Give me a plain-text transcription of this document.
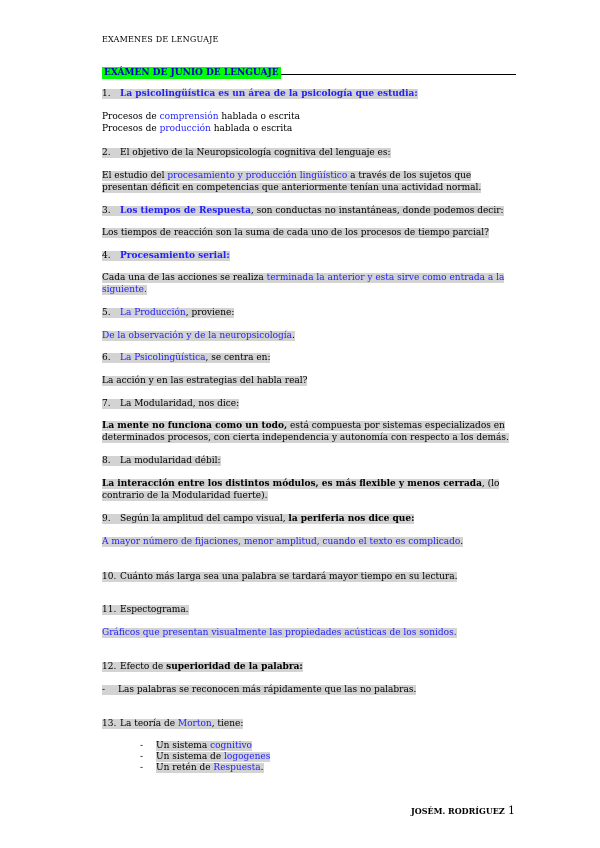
EXAMENES DE LENGUAJE
EXÁMEN DE JUNIO DE LENGUAJE
1. La psicolingüística es un área de la psicología que estudia:
Procesos de comprensión hablada o escrita
Procesos de producción hablada o escrita
2. El objetivo de la Neuropsicología cognitiva del lenguaje es:
El estudio del procesamiento y producción lingüístico a través de los sujetos que presentan déficit en competencias que anteriormente tenían una actividad normal.
3. Los tiempos de Respuesta, son conductas no instantáneas, donde podemos decir:
Los tiempos de reacción son la suma de cada uno de los procesos de tiempo parcial?
4. Procesamiento serial:
Cada una de las acciones se realiza terminada la anterior y esta sirve como entrada a la siguiente.
5. La Producción, proviene:
De la observación y de la neuropsicología.
6. La Psicolingüística, se centra en:
La acción y en las estrategias del habla real?
7. La Modularidad, nos dice:
La mente no funciona como un todo, está compuesta por sistemas especializados en determinados procesos, con cierta independencia y autonomía con respecto a los demás.
8. La modularidad débil:
La interacción entre los distintos módulos, es más flexible y menos cerrada, (lo contrario de la Modularidad fuerte).
9. Según la amplitud del campo visual, la periferia nos dice que:
A mayor número de fijaciones, menor amplitud, cuando el texto es complicado.
10. Cuánto más larga sea una palabra se tardará mayor tiempo en su lectura.
11. Espectograma.
Gráficos que presentan visualmente las propiedades acústicas de los sonidos.
12. Efecto de superioridad de la palabra:
- Las palabras se reconocen más rápidamente que las no palabras.
13. La teoría de Morton, tiene:
- Un sistema cognitivo
- Un sistema de logogenes
- Un retén de Respuesta.
JOSÉM. RODRÍGUEZ 1
